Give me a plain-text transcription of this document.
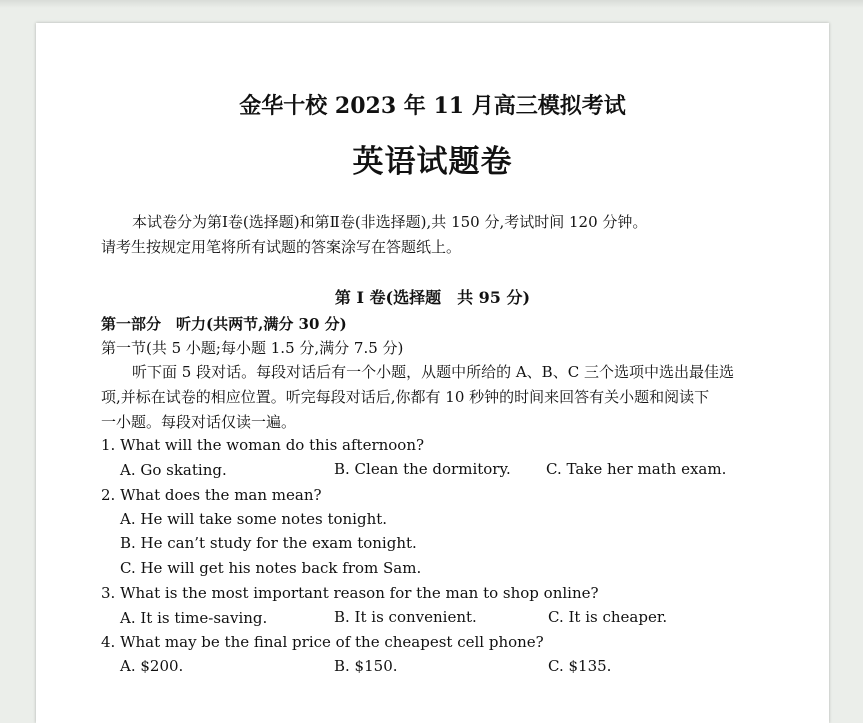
金华十校 2023 年 11 月高三模拟考试
英语试题卷
本试卷分为第Ⅰ卷(选择题)和第Ⅱ卷(非选择题),共 150 分,考试时间 120 分钟。
请考生按规定用笔将所有试题的答案涂写在答题纸上。
第 I 卷(选择题　共 95 分)
第一部分　听力(共两节,满分 30 分)
第一节(共 5 小题;每小题 1.5 分,满分 7.5 分)
听下面 5 段对话。每段对话后有一个小题，从题中所给的 A、B、C 三个选项中选出最佳选
项,并标在试卷的相应位置。听完每段对话后,你都有 10 秒钟的时间来回答有关小题和阅读下
一小题。每段对话仅读一遍。
1. What will the woman do this afternoon?
A. Go skating.	B. Clean the dormitory. C. Take her math exam.
2. What does the man mean?
A. He will take some notes tonight.
B. He can’t study for the exam tonight.
C. He will get his notes back from Sam.
3. What is the most important reason for the man to shop online?
A. It is time-saving.	B. It is convenient.	C. It is cheaper.
4. What may be the final price of the cheapest cell phone?
A. $200.	B. $150.	C. $135.
